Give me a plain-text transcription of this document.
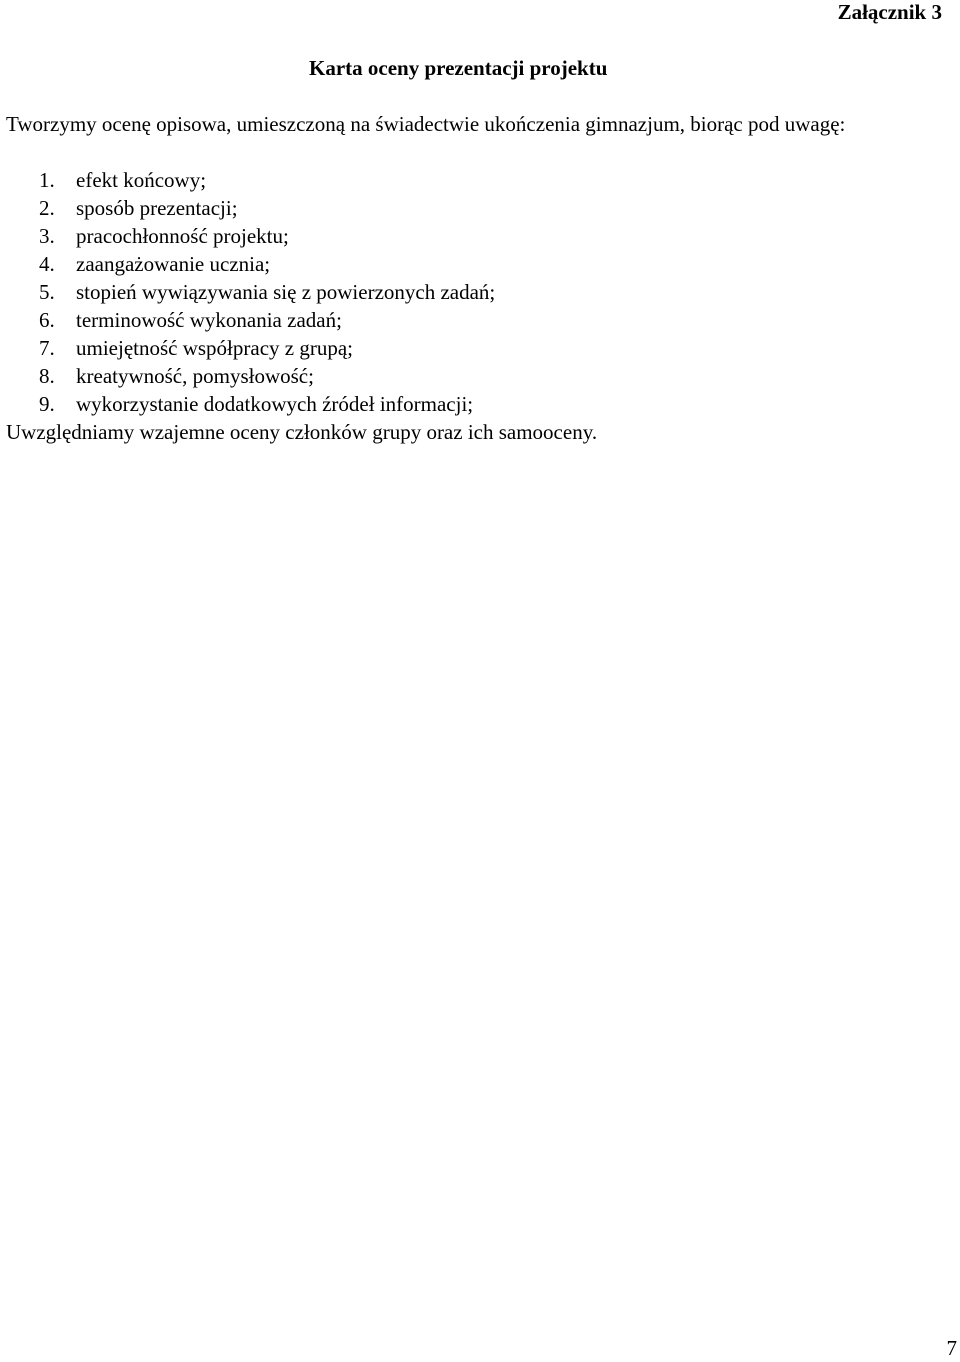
Załącznik 3
Karta oceny prezentacji projektu

Tworzymy ocenę opisowa, umieszczoną na świadectwie ukończenia gimnazjum, biorąc pod uwagę:

1. efekt końcowy;
2. sposób prezentacji;
3. pracochłonność projektu;
4. zaangażowanie ucznia;
5. stopień wywiązywania się z powierzonych zadań;
6. terminowość wykonania zadań;
7. umiejętność współpracy z grupą;
8. kreatywność, pomysłowość;
9. wykorzystanie dodatkowych źródeł informacji;

Uwzględniamy wzajemne oceny członków grupy oraz ich samooceny.

7
